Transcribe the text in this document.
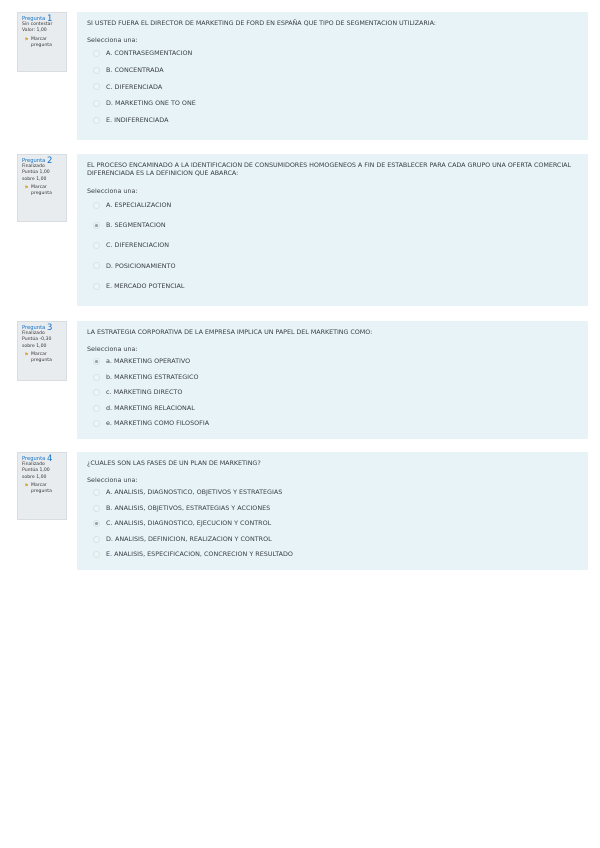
Pregunta 1
Sin contestar
Valor: 1,00
⚑ Marcar pregunta

SI USTED FUERA EL DIRECTOR DE MARKETING DE FORD EN ESPAÑA QUE TIPO DE SEGMENTACION UTILIZARIA:

Selecciona una:
A. CONTRASEGMENTACION
B. CONCENTRADA
C. DIFERENCIADA
D. MARKETING ONE TO ONE
E. INDIFERENCIADA
Pregunta 2
Finalizado
Puntúa 1,00
sobre 1,00
⚑ Marcar pregunta

EL PROCESO ENCAMINADO A LA IDENTIFICACION DE CONSUMIDORES HOMOGENEOS A FIN DE ESTABLECER PARA CADA GRUPO UNA OFERTA COMERCIAL DIFERENCIADA ES LA DEFINICION QUE ABARCA:

Selecciona una:
A. ESPECIALIZACION
B. SEGMENTACION
C. DIFERENCIACION
D. POSICIONAMIENTO
E. MERCADO POTENCIAL
Pregunta 3
Finalizado
Puntúa -0,30
sobre 1,00
⚑ Marcar pregunta

LA ESTRATEGIA CORPORATIVA DE LA EMPRESA IMPLICA UN PAPEL DEL MARKETING COMO:

Selecciona una:
a. MARKETING OPERATIVO
b. MARKETING ESTRATEGICO
c. MARKETING DIRECTO
d. MARKETING RELACIONAL
e. MARKETING COMO FILOSOFIA
Pregunta 4
Finalizado
Puntúa 1,00
sobre 1,00
⚑ Marcar pregunta

¿CUALES SON LAS FASES DE UN PLAN DE MARKETING?

Selecciona una:
A. ANALISIS, DIAGNOSTICO, OBJETIVOS Y ESTRATEGIAS
B. ANALISIS, OBJETIVOS, ESTRATEGIAS Y ACCIONES
C. ANALISIS, DIAGNOSTICO, EJECUCION Y CONTROL
D. ANALISIS, DEFINICION, REALIZACION Y CONTROL
E. ANALISIS, ESPECIFICACION, CONCRECION Y RESULTADO
